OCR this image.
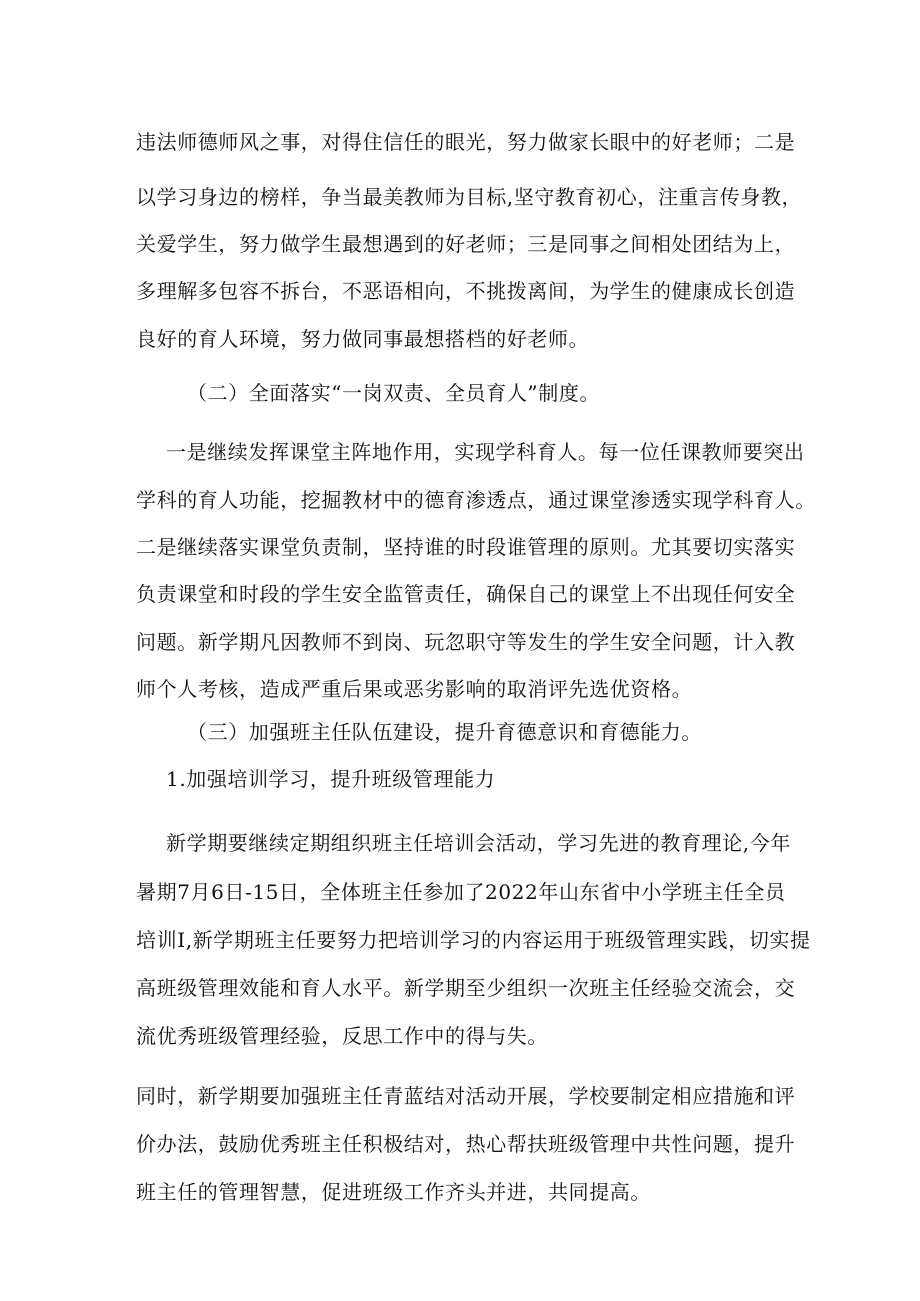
违法师德师风之事，对得住信任的眼光，努力做家长眼中的好老师；二是
以学习身边的榜样，争当最美教师为目标,坚守教育初心，注重言传身教，
关爱学生，努力做学生最想遇到的好老师；三是同事之间相处团结为上，
多理解多包容不拆台，不恶语相向，不挑拨离间，为学生的健康成长创造
良好的育人环境，努力做同事最想搭档的好老师。
（二）全面落实“一岗双责、全员育人”制度。
一是继续发挥课堂主阵地作用，实现学科育人。每一位任课教师要突出
学科的育人功能，挖掘教材中的德育渗透点，通过课堂渗透实现学科育人。
二是继续落实课堂负责制，坚持谁的时段谁管理的原则。尤其要切实落实
负责课堂和时段的学生安全监管责任，确保自己的课堂上不出现任何安全
问题。新学期凡因教师不到岗、玩忽职守等发生的学生安全问题，计入教
师个人考核，造成严重后果或恶劣影响的取消评先选优资格。
（三）加强班主任队伍建设，提升育德意识和育德能力。
1.加强培训学习，提升班级管理能力
新学期要继续定期组织班主任培训会活动，学习先进的教育理论,今年
暑期7月6日-15日，全体班主任参加了2022年山东省中小学班主任全员
培训I,新学期班主任要努力把培训学习的内容运用于班级管理实践，切实提
高班级管理效能和育人水平。新学期至少组织一次班主任经验交流会，交
流优秀班级管理经验，反思工作中的得与失。
同时，新学期要加强班主任青蓝结对活动开展，学校要制定相应措施和评
价办法，鼓励优秀班主任积极结对，热心帮扶班级管理中共性问题，提升
班主任的管理智慧，促进班级工作齐头并进，共同提高。
